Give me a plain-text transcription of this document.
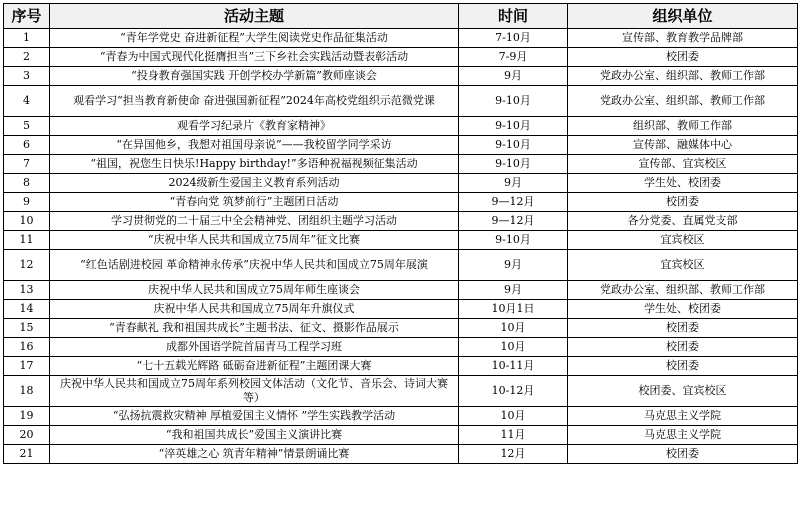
序号	活动主题	时间	组织单位
1	“青年学党史 奋进新征程”大学生阅读党史作品征集活动	7-10月	宣传部、教育教学品牌部
2	“青春为中国式现代化挺膺担当”三下乡社会实践活动暨表彰活动	7-9月	校团委
3	“投身教育强国实践 开创学校办学新篇”教师座谈会	9月	党政办公室、组织部、教师工作部
4	观看学习“担当教育新使命 奋进强国新征程”2024年高校党组织示范微党课	9-10月	党政办公室、组织部、教师工作部
5	观看学习纪录片《教育家精神》	9-10月	组织部、教师工作部
6	“在异国他乡，我想对祖国母亲说”——我校留学同学采访	9-10月	宣传部、融媒体中心
7	“祖国，祝您生日快乐!Happy birthday!”多语种祝福视频征集活动	9-10月	宣传部、宜宾校区
8	2024级新生爱国主义教育系列活动	9月	学生处、校团委
9	“青春向党 筑梦前行”主题团日活动	9—12月	校团委
10	学习贯彻党的二十届三中全会精神党、团组织主题学习活动	9—12月	各分党委、直属党支部
11	“庆祝中华人民共和国成立75周年”征文比赛	9-10月	宜宾校区
12	“红色话剧进校园 革命精神永传承”庆祝中华人民共和国成立75周年展演	9月	宜宾校区
13	庆祝中华人民共和国成立75周年师生座谈会	9月	党政办公室、组织部、教师工作部
14	庆祝中华人民共和国成立75周年升旗仪式	10月1日	学生处、校团委
15	“青春献礼 我和祖国共成长”主题书法、征文、摄影作品展示	10月	校团委
16	成都外国语学院首届青马工程学习班	10月	校团委
17	“七十五载光辉路 砥砺奋进新征程”主题团课大赛	10-11月	校团委
18	庆祝中华人民共和国成立75周年系列校园文体活动（文化节、音乐会、诗词大赛等）	10-12月	校团委、宜宾校区
19	“弘扬抗震救灾精神 厚植爱国主义情怀 ”学生实践教学活动	10月	马克思主义学院
20	“我和祖国共成长”爱国主义演讲比赛	11月	马克思主义学院
21	“淬英雄之心 筑青年精神”情景朗诵比赛	12月	校团委
